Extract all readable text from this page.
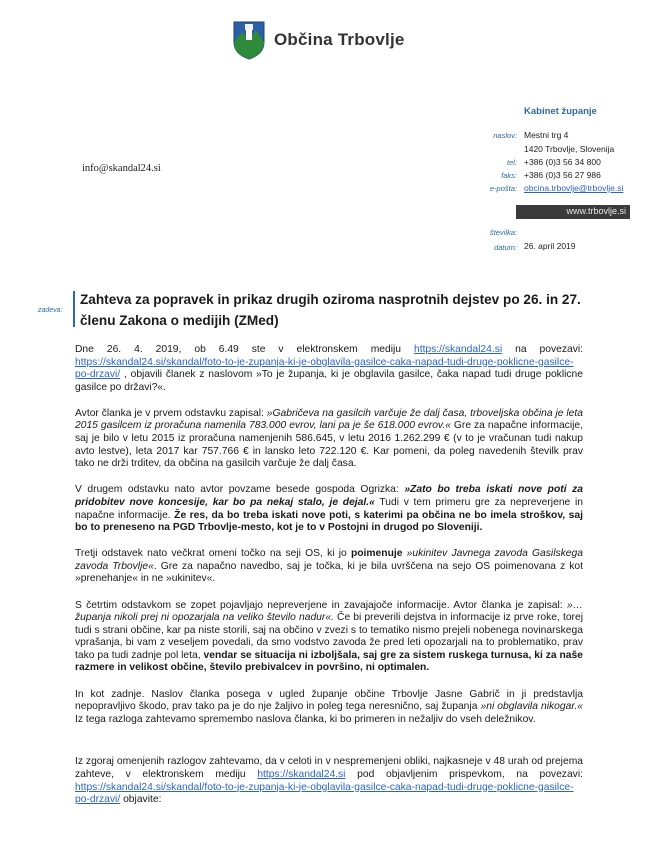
Občina Trbovlje
Kabinet županje
naslov: Mestni trg 4
1420 Trbovlje, Slovenija
tel: +386 (0)3 56 34 800
faks: +386 (0)3 56 27 986
e-pošta: obcina.trbovlje@trbovlje.si
info@skandal24.si
www.trbovlje.si
številka:
datum: 26. april 2019
zadeva:
Zahteva za popravek in prikaz drugih oziroma nasprotnih dejstev po 26. in 27. členu Zakona o medijih (ZMed)

Dne 26. 4. 2019, ob 6.49 ste v elektronskem mediju https://skandal24.si na povezavi: https://skandal24.si/skandal/foto-to-je-zupanja-ki-je-obglavila-gasilce-caka-napad-tudi-druge-poklicne-gasilce-po-drzavi/ , objavili članek z naslovom »To je županja, ki je obglavila gasilce, čaka napad tudi druge poklicne gasilce po državi?«.

Avtor članka je v prvem odstavku zapisal: »Gabričeva na gasilcih varčuje že dalj časa, trboveljska občina je leta 2015 gasilcem iz proračuna namenila 783.000 evrov, lani pa je še 618.000 evrov.« Gre za napačne informacije, saj je bilo v letu 2015 iz proračuna namenjenih 586.645, v letu 2016 1.262.299 € (v to je vračunan tudi nakup avto lestve), leta 2017 kar 757.766 € in lansko leto 722.120 €. Kar pomeni, da poleg navedenih številk prav tako ne drži trditev, da občina na gasilcih varčuje že dalj časa.

V drugem odstavku nato avtor povzame besede gospoda Ogrizka: »Zato bo treba iskati nove poti za pridobitev nove koncesije, kar bo pa nekaj stalo, je dejal.« Tudi v tem primeru gre za nepreverjene in napačne informacije. Že res, da bo treba iskati nove poti, s katerimi pa občina ne bo imela stroškov, saj bo to preneseno na PGD Trbovlje-mesto, kot je to v Postojni in drugod po Sloveniji.

Tretji odstavek nato večkrat omeni točko na seji OS, ki jo poimenuje »ukinitev Javnega zavoda Gasilskega zavoda Trbovlje«. Gre za napačno navedbo, saj je točka, ki je bila uvrščena na sejo OS poimenovana z kot »prenehanje« in ne »ukinitev«.

S četrtim odstavkom se zopet pojavljajo nepreverjene in zavajajoče informacije. Avtor članka je zapisal: »…županja nikoli prej ni opozarjala na veliko število nadur«. Če bi preverili dejstva in informacije iz prve roke, torej tudi s strani občine, kar pa niste storili, saj na občino v zvezi s to tematiko nismo prejeli nobenega novinarskega vprašanja, bi vam z veseljem povedali, da smo vodstvo zavoda že pred leti opozarjali na to problematiko, prav tako pa tudi zadnje pol leta, vendar se situacija ni izboljšala, saj gre za sistem ruskega turnusa, ki za naše razmere in velikost občine, število prebivalcev in površino, ni optimalen.

In kot zadnje. Naslov članka posega v ugled županje občine Trbovlje Jasne Gabrič in ji predstavlja nepopravljivo škodo, prav tako pa je do nje žaljivo in poleg tega neresnično, saj županja »ni obglavila nikogar.« Iz tega razloga zahtevamo spremembo naslova članka, ki bo primeren in nežaljiv do vseh deležnikov.

Iz zgoraj omenjenih razlogov zahtevamo, da v celoti in v nespremenjeni obliki, najkasneje v 48 urah od prejema zahteve, v elektronskem mediju https://skandal24.si pod objavljenim prispevkom, na povezavi: https://skandal24.si/skandal/foto-to-je-zupanja-ki-je-obglavila-gasilce-caka-napad-tudi-druge-poklicne-gasilce-po-drzavi/ objavite:
